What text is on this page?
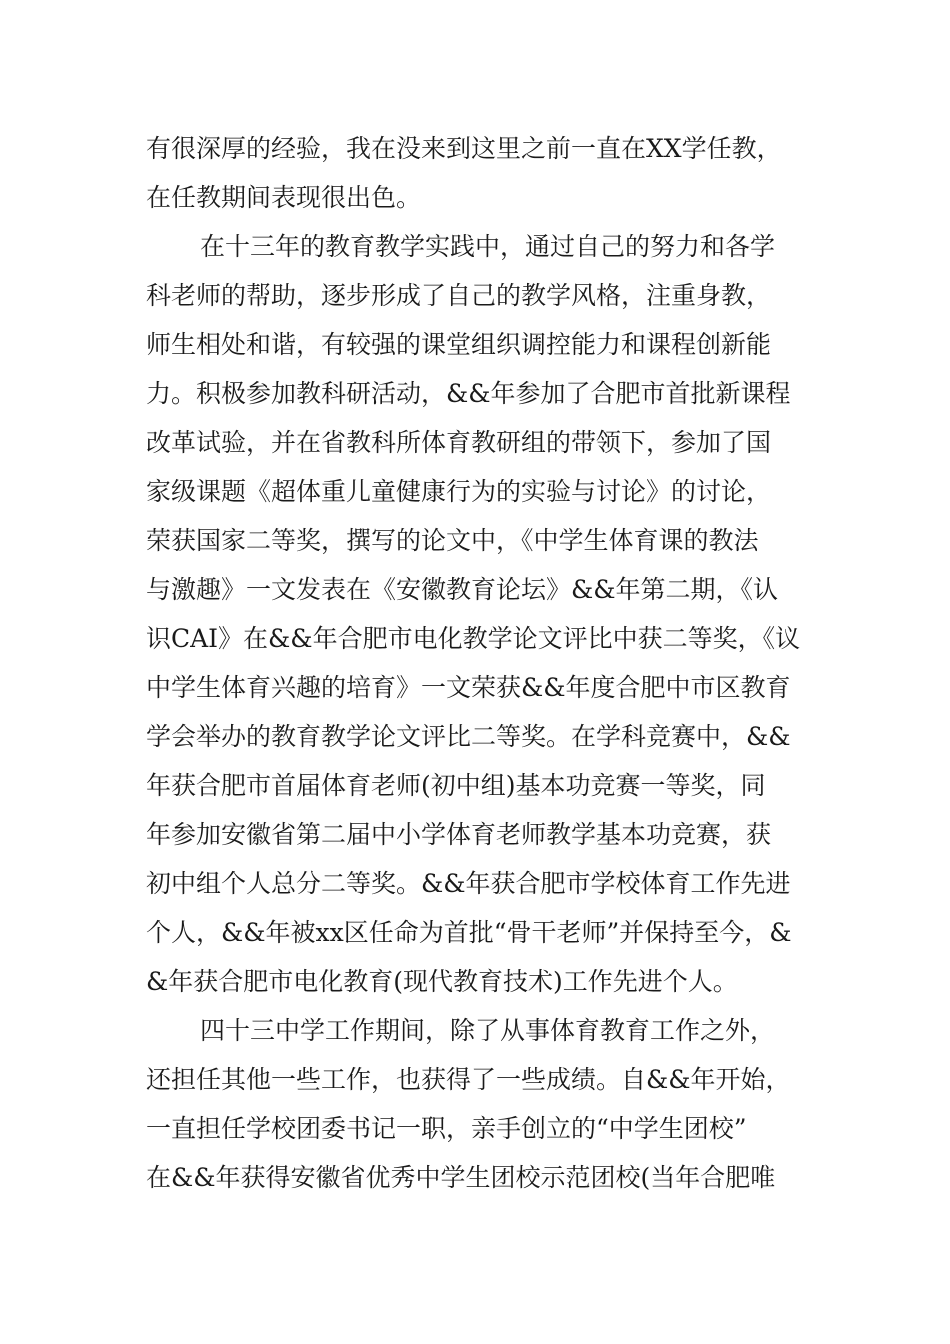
有很深厚的经验，我在没来到这里之前一直在XX学任教，
在任教期间表现很出色。
在十三年的教育教学实践中，通过自己的努力和各学
科老师的帮助，逐步形成了自己的教学风格，注重身教，
师生相处和谐，有较强的课堂组织调控能力和课程创新能
力。积极参加教科研活动，&&年参加了合肥市首批新课程
改革试验，并在省教科所体育教研组的带领下，参加了国
家级课题《超体重儿童健康行为的实验与讨论》的讨论，
荣获国家二等奖，撰写的论文中，《中学生体育课的教法
与激趣》一文发表在《安徽教育论坛》&&年第二期，《认
识CAI》在&&年合肥市电化教学论文评比中获二等奖，《议
中学生体育兴趣的培育》一文荣获&&年度合肥中市区教育
学会举办的教育教学论文评比二等奖。在学科竞赛中，&&
年获合肥市首届体育老师(初中组)基本功竞赛一等奖，同
年参加安徽省第二届中小学体育老师教学基本功竞赛，获
初中组个人总分二等奖。&&年获合肥市学校体育工作先进
个人，&&年被xx区任命为首批“骨干老师”并保持至今，&
&年获合肥市电化教育(现代教育技术)工作先进个人。
四十三中学工作期间，除了从事体育教育工作之外，
还担任其他一些工作，也获得了一些成绩。自&&年开始，
一直担任学校团委书记一职，亲手创立的“中学生团校”
在&&年获得安徽省优秀中学生团校示范团校(当年合肥唯
